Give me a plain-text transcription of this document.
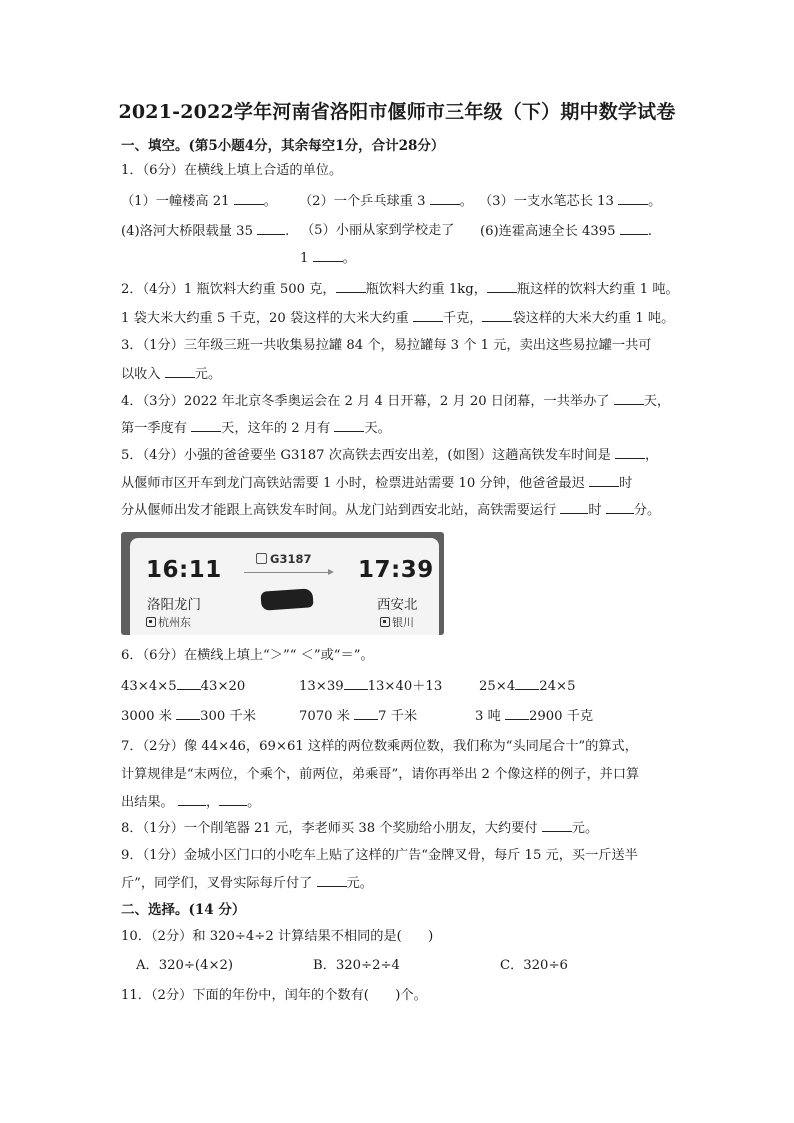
2021-2022学年河南省洛阳市偃师市三年级（下）期中数学试卷
一、填空。(第5小题4分，其余每空1分，合计28分）
1．（6分）在横线上填上合适的单位。
（1）一幢楼高 21	。 （2）一个乒乓球重 3	。 （3）一支水笔芯长 13	。
(4)洛河大桥限载量 35 . （5）小丽从家到学校走了 (6)连霍高速全长 4395 .
1	。
2．（4分）1 瓶饮料大约重 500 克， 瓶饮料大约重 1kg， 瓶这样的饮料大约重 1 吨。
1 袋大米大约重 5 千克，20 袋这样的大米大约重	千克， 袋这样的大米大约重 1 吨。
3．（1分）三年级三班一共收集易拉罐 84 个，易拉罐每 3 个 1 元，卖出这些易拉罐一共可
以收入	元。
4．（3分）2022 年北京冬季奥运会在 2 月 4 日开幕，2 月 20 日闭幕，一共举办了	天，
第一季度有	天，这年的 2 月有	天。
5．（4分）小强的爸爸要坐 G3187 次高铁去西安出差，(如图）这趟高铁发车时间是	，
从偃师市区开车到龙门高铁站需要 1 小时，检票进站需要 10 分钟，他爸爸最迟	时
分从偃师出发才能跟上高铁发车时间。从龙门站到西安北站，高铁需要运行 时 分。
16:11
洛阳龙门
杭州东
G3187 17:39
西安北
银川
6．（6分）在横线上填上“＞”“ ＜”或“＝”。
43×4×5 43×20	13×39 13×40＋13	25×4 24×5
3000 米 300 千米	7070 米 7 千米	3 吨 2900 千克
7．（2分）像 44×46，69×61 这样的两位数乘两位数，我们称为“头同尾合十”的算式，
计算规律是“末两位，个乘个，前两位，弟乘哥”，请你再举出 2 个像这样的例子，并口算
出结果。 ， 。
8．（1分）一个削笔器 21 元，李老师买 38 个奖励给小朋友，大约要付	元。
9．（1分）金城小区门口的小吃车上贴了这样的广告“金牌叉骨，每斤 15 元，买一斤送半
斤”，同学们，叉骨实际每斤付了	元。
二、选择。(14 分）
10．（2分）和 320÷4÷2 计算结果不相同的是(　　)
A．320÷(4×2)	B．320÷2÷4	C．320÷6
11．（2分）下面的年份中，闰年的个数有(　　)个。
